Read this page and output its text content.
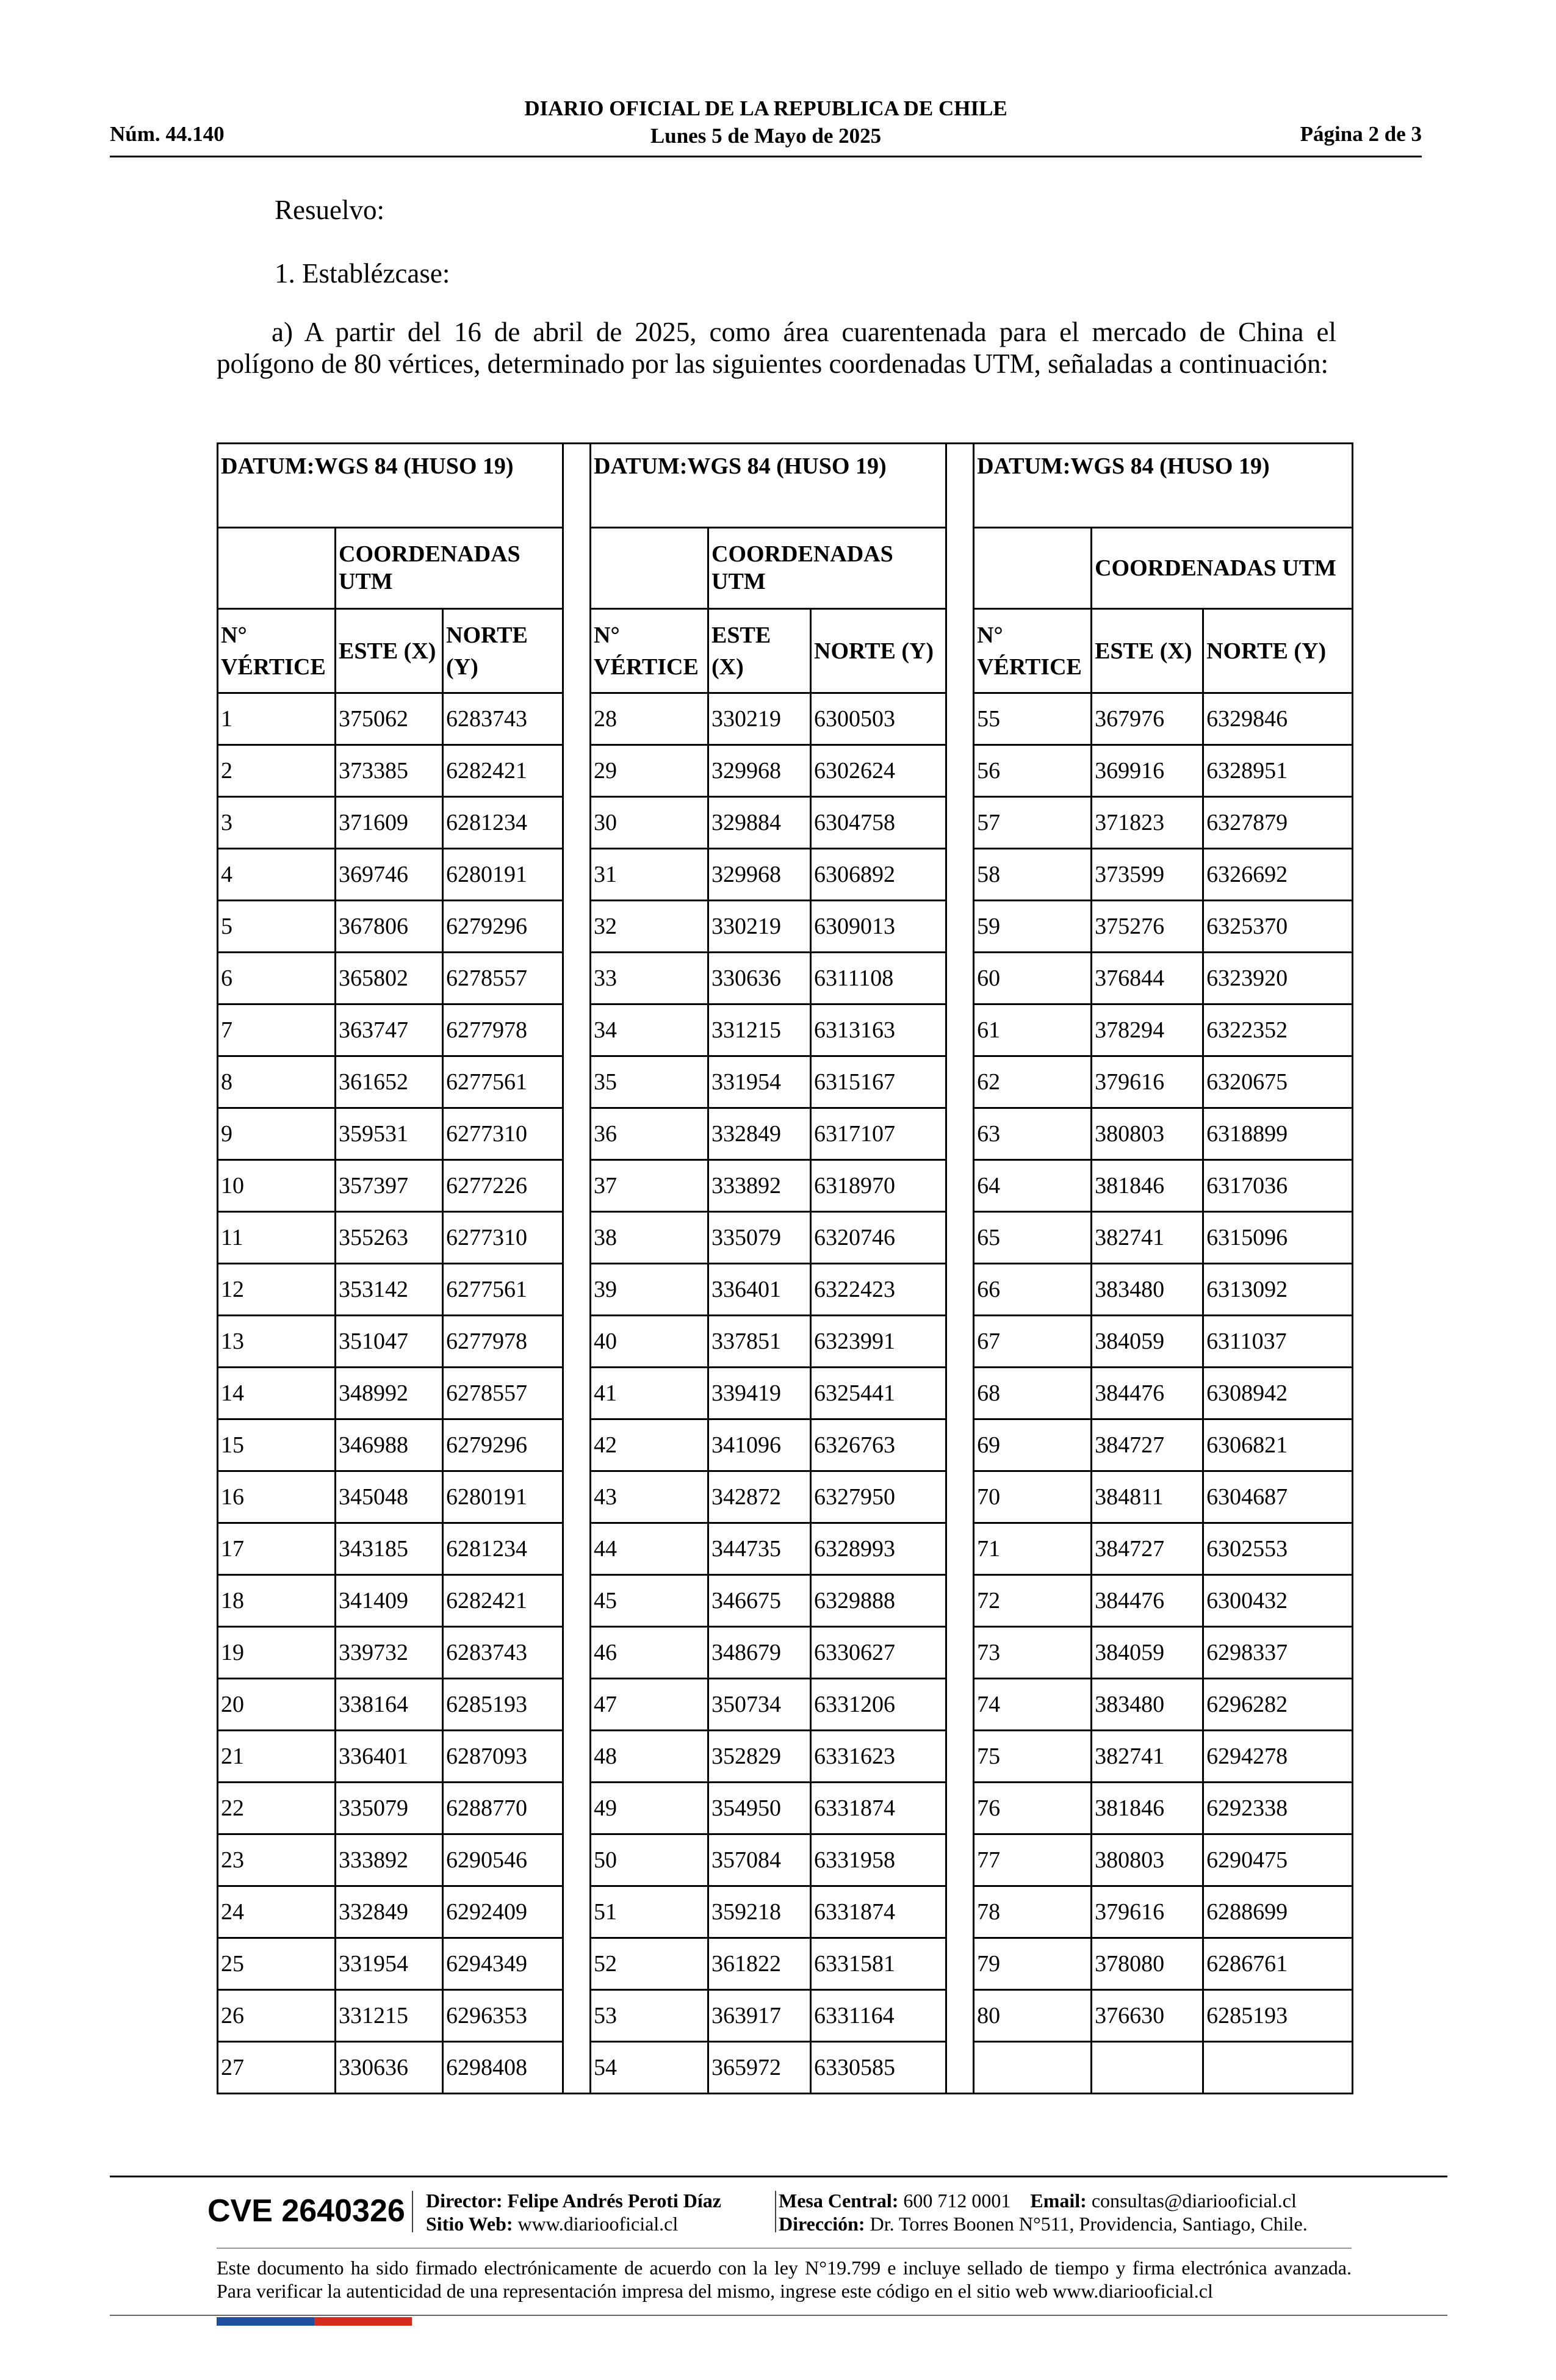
Núm. 44.140
DIARIO OFICIAL DE LA REPUBLICA DE CHILE
Lunes 5 de Mayo de 2025	Página 2 de 3
Resuelvo:
1. Establézcase:
a) A partir del 16 de abril de 2025, como área cuarentenada para el mercado de China el polígono de 80 vértices, determinado por las siguientes coordenadas UTM, señaladas a continuación:
DATUM:WGS 84 (HUSO 19)				DATUM:WGS 84 (HUSO 19)				DATUM:WGS 84 (HUSO 19)		
	COORDENADAS UTM				COORDENADAS UTM				COORDENADAS UTM	
N° VÉRTICE	ESTE (X)	NORTE (Y)		N° VÉRTICE	ESTE (X)	NORTE (Y)		N° VÉRTICE	ESTE (X)	NORTE (Y)
1	375062	6283743		28	330219	6300503		55	367976	6329846
2	373385	6282421		29	329968	6302624		56	369916	6328951
3	371609	6281234		30	329884	6304758		57	371823	6327879
4	369746	6280191		31	329968	6306892		58	373599	6326692
5	367806	6279296		32	330219	6309013		59	375276	6325370
6	365802	6278557		33	330636	6311108		60	376844	6323920
7	363747	6277978		34	331215	6313163		61	378294	6322352
8	361652	6277561		35	331954	6315167		62	379616	6320675
9	359531	6277310		36	332849	6317107		63	380803	6318899
10	357397	6277226		37	333892	6318970		64	381846	6317036
11	355263	6277310		38	335079	6320746		65	382741	6315096
12	353142	6277561		39	336401	6322423		66	383480	6313092
13	351047	6277978		40	337851	6323991		67	384059	6311037
14	348992	6278557		41	339419	6325441		68	384476	6308942
15	346988	6279296		42	341096	6326763		69	384727	6306821
16	345048	6280191		43	342872	6327950		70	384811	6304687
17	343185	6281234		44	344735	6328993		71	384727	6302553
18	341409	6282421		45	346675	6329888		72	384476	6300432
19	339732	6283743		46	348679	6330627		73	384059	6298337
20	338164	6285193		47	350734	6331206		74	383480	6296282
21	336401	6287093		48	352829	6331623		75	382741	6294278
22	335079	6288770		49	354950	6331874		76	381846	6292338
23	333892	6290546		50	357084	6331958		77	380803	6290475
24	332849	6292409		51	359218	6331874		78	379616	6288699
25	331954	6294349		52	361822	6331581		79	378080	6286761
26	331215	6296353		53	363917	6331164		80	376630	6285193
27	330636	6298408		54	365972	6330585				
CVE 2640326 Director: Felipe Andrés Peroti Díaz
Sitio Web: www.diariooficial.cl
Mesa Central: 600 712 0001 Email: consultas@diariooficial.cl
Dirección: Dr. Torres Boonen N°511, Providencia, Santiago, Chile.
Este documento ha sido firmado electrónicamente de acuerdo con la ley N°19.799 e incluye sellado de tiempo y firma electrónica avanzada. Para verificar la autenticidad de una representación impresa del mismo, ingrese este código en el sitio web www.diariooficial.cl
